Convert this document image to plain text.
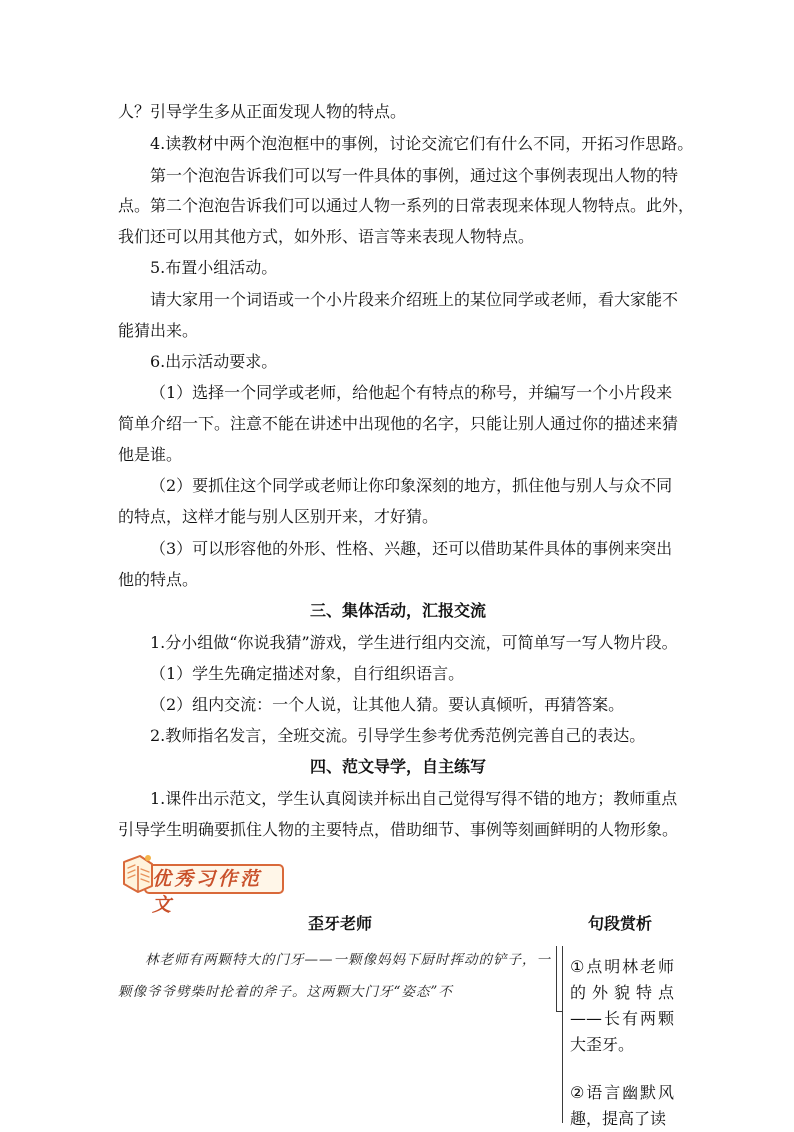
人？引导学生多从正面发现人物的特点。

4.读教材中两个泡泡框中的事例，讨论交流它们有什么不同，开拓习作思路。

第一个泡泡告诉我们可以写一件具体的事例，通过这个事例表现出人物的特

点。第二个泡泡告诉我们可以通过人物一系列的日常表现来体现人物特点。此外，

我们还可以用其他方式，如外形、语言等来表现人物特点。

5.布置小组活动。

请大家用一个词语或一个小片段来介绍班上的某位同学或老师，看大家能不

能猜出来。

6.出示活动要求。

（1）选择一个同学或老师，给他起个有特点的称号，并编写一个小片段来

简单介绍一下。注意不能在讲述中出现他的名字，只能让别人通过你的描述来猜

他是谁。

（2）要抓住这个同学或老师让你印象深刻的地方，抓住他与别人与众不同

的特点，这样才能与别人区别开来，才好猜。

（3）可以形容他的外形、性格、兴趣，还可以借助某件具体的事例来突出

他的特点。

三、集体活动，汇报交流

1.分小组做“你说我猜”游戏，学生进行组内交流，可简单写一写人物片段。

（1）学生先确定描述对象，自行组织语言。

（2）组内交流：一个人说，让其他人猜。要认真倾听，再猜答案。

2.教师指名发言，全班交流。引导学生参考优秀范例完善自己的表达。

四、范文导学，自主练写

1.课件出示范文，学生认真阅读并标出自己觉得写得不错的地方；教师重点

引导学生明确要抓住人物的主要特点，借助细节、事例等刻画鲜明的人物形象。

优秀习作范文
歪牙老师	句段赏析
林老师有两颗特大的门牙——一颗像妈妈下厨时挥动的铲子，一颗像爷爷劈柴时抡着的斧子。这两颗大门牙“姿态”不
①点明林老师的外貌特点——长有两颗大歪牙。
②语言幽默风趣，提高了读
